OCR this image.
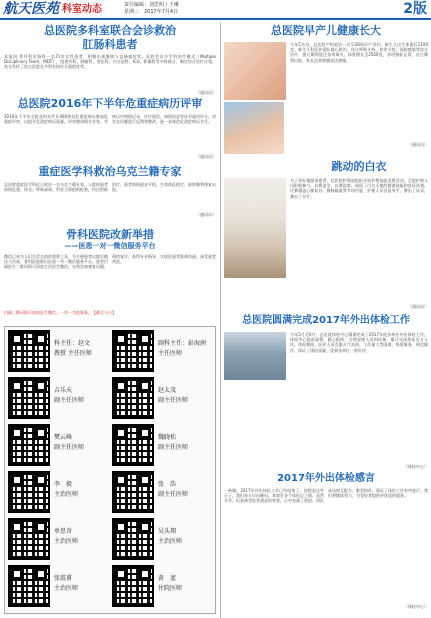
航天医苑 科室动态	责任编辑：刘思明 / 王琳
星期三　2017年7月4日	2版
总医院多科室联合会诊救治
肛肠科患者
本报讯 普外科肛肠科一名71岁女性患者，相继出现腹胀与直肠癌症状，医院会诊多学科治疗模式（Multiple Disciplinary Team，MDT），组建外科、肿瘤科、消化科、内分泌科、ICU、影像科等多科联合，制定综合治疗计划，充分发挥了综合医院在多科室协作方面的优势。
（通讯员）
总医院2016年下半年危重症病历评审
2016年下半年全院各科室共计400余份危重症病历参加危重症评审，以提升危重症病历质量。评审邀请相关专家，对病历中病情记录、诊疗规范、知情同意等环节逐项评分，对存在问题进行反馈和整改，进一步规范危重症病历书写。
（通讯员）
重症医学科救治乌克兰籍专家
总医院重症医学科近日收治一名乌克兰籍专家，入院时患者病情危重，休克、呼吸衰竭。科室立即组织抢救，经过积极治疗，患者病情逐步平稳，生命体征稳定，最终顺利康复出院。
（通讯员）
骨科医院改新举措
——医患一对一微信服务平台
微信已成为人们生活交流的重要工具，为方便患者出院后随访与咨询，骨科医院推出医患一对一微信服务平台，患者扫描医生二维码即可添加主治医生微信，在线咨询康复问题，预约复诊，获得专业指导，实现医患零距离沟通，深受患者欢迎。
扫描二维码即可添加医生微信，一对一为您服务。【截至今日】
科主任：赵文
教授 主任医师
副科主任：彭海洲
主任医师
吉乐天
副主任医师
赵太茂
副主任医师
樊云峰
副主任医师
魏晓松
副主任医师
李　毅
主治医师
张　浩
副主任医师
单思奇
主治医师
吴头翔
主治医师
张霞甫
主治医师
黄　蓝
住院医师
总医院早产儿健康长大
今年5月份，总医院产科收治一名孕28周早产孕妇，新生儿出生体重仅1100克。新生儿科医护团队精心救治，经过呼吸支持、营养支持、预防感染等综合治疗，患儿顺利度过各项难关，体重增长至2500克，各项指标正常，近日顺利出院。家长送来锦旗表达感谢。
（通讯员）
跳动的白衣
为了更好地服务患者，总医院护理部组织开展护理技能竞赛活动。全院护理人员积极参与，以赛促学，以赛促练，展现了白衣天使的精湛技能和良好风貌。比赛涵盖心肺复苏、静脉输液等多项内容，护理人员各显身手，赛出了风采，赛出了水平。
（通讯员）
总医院圆满完成2017年外出体检工作
今年5月至6月，总医院体检中心圆满完成了2017年度各单位外出体检工作。体检中心提前部署，精心组织，合理安排人员和设备，累计完成体检近万人次。体检期间，医护人员克服天气炎热、工作量大等困难，热情服务，规范操作，保证了体检质量，受到各单位一致好评。
（体检中心）
2017年外出体检感言
一转眼，2017年外出体检工作已经结束了。回想起这些日子，我们每天早出晚归，奔波在各个体检点之间，虽然辛苦，但看到受检者满意的笑容，心中充满了欣慰。团队成员相互配合，默契协作，保证了体检工作有序进行。我们将继续努力，为受检者提供更优质的服务。
（体检中心）
